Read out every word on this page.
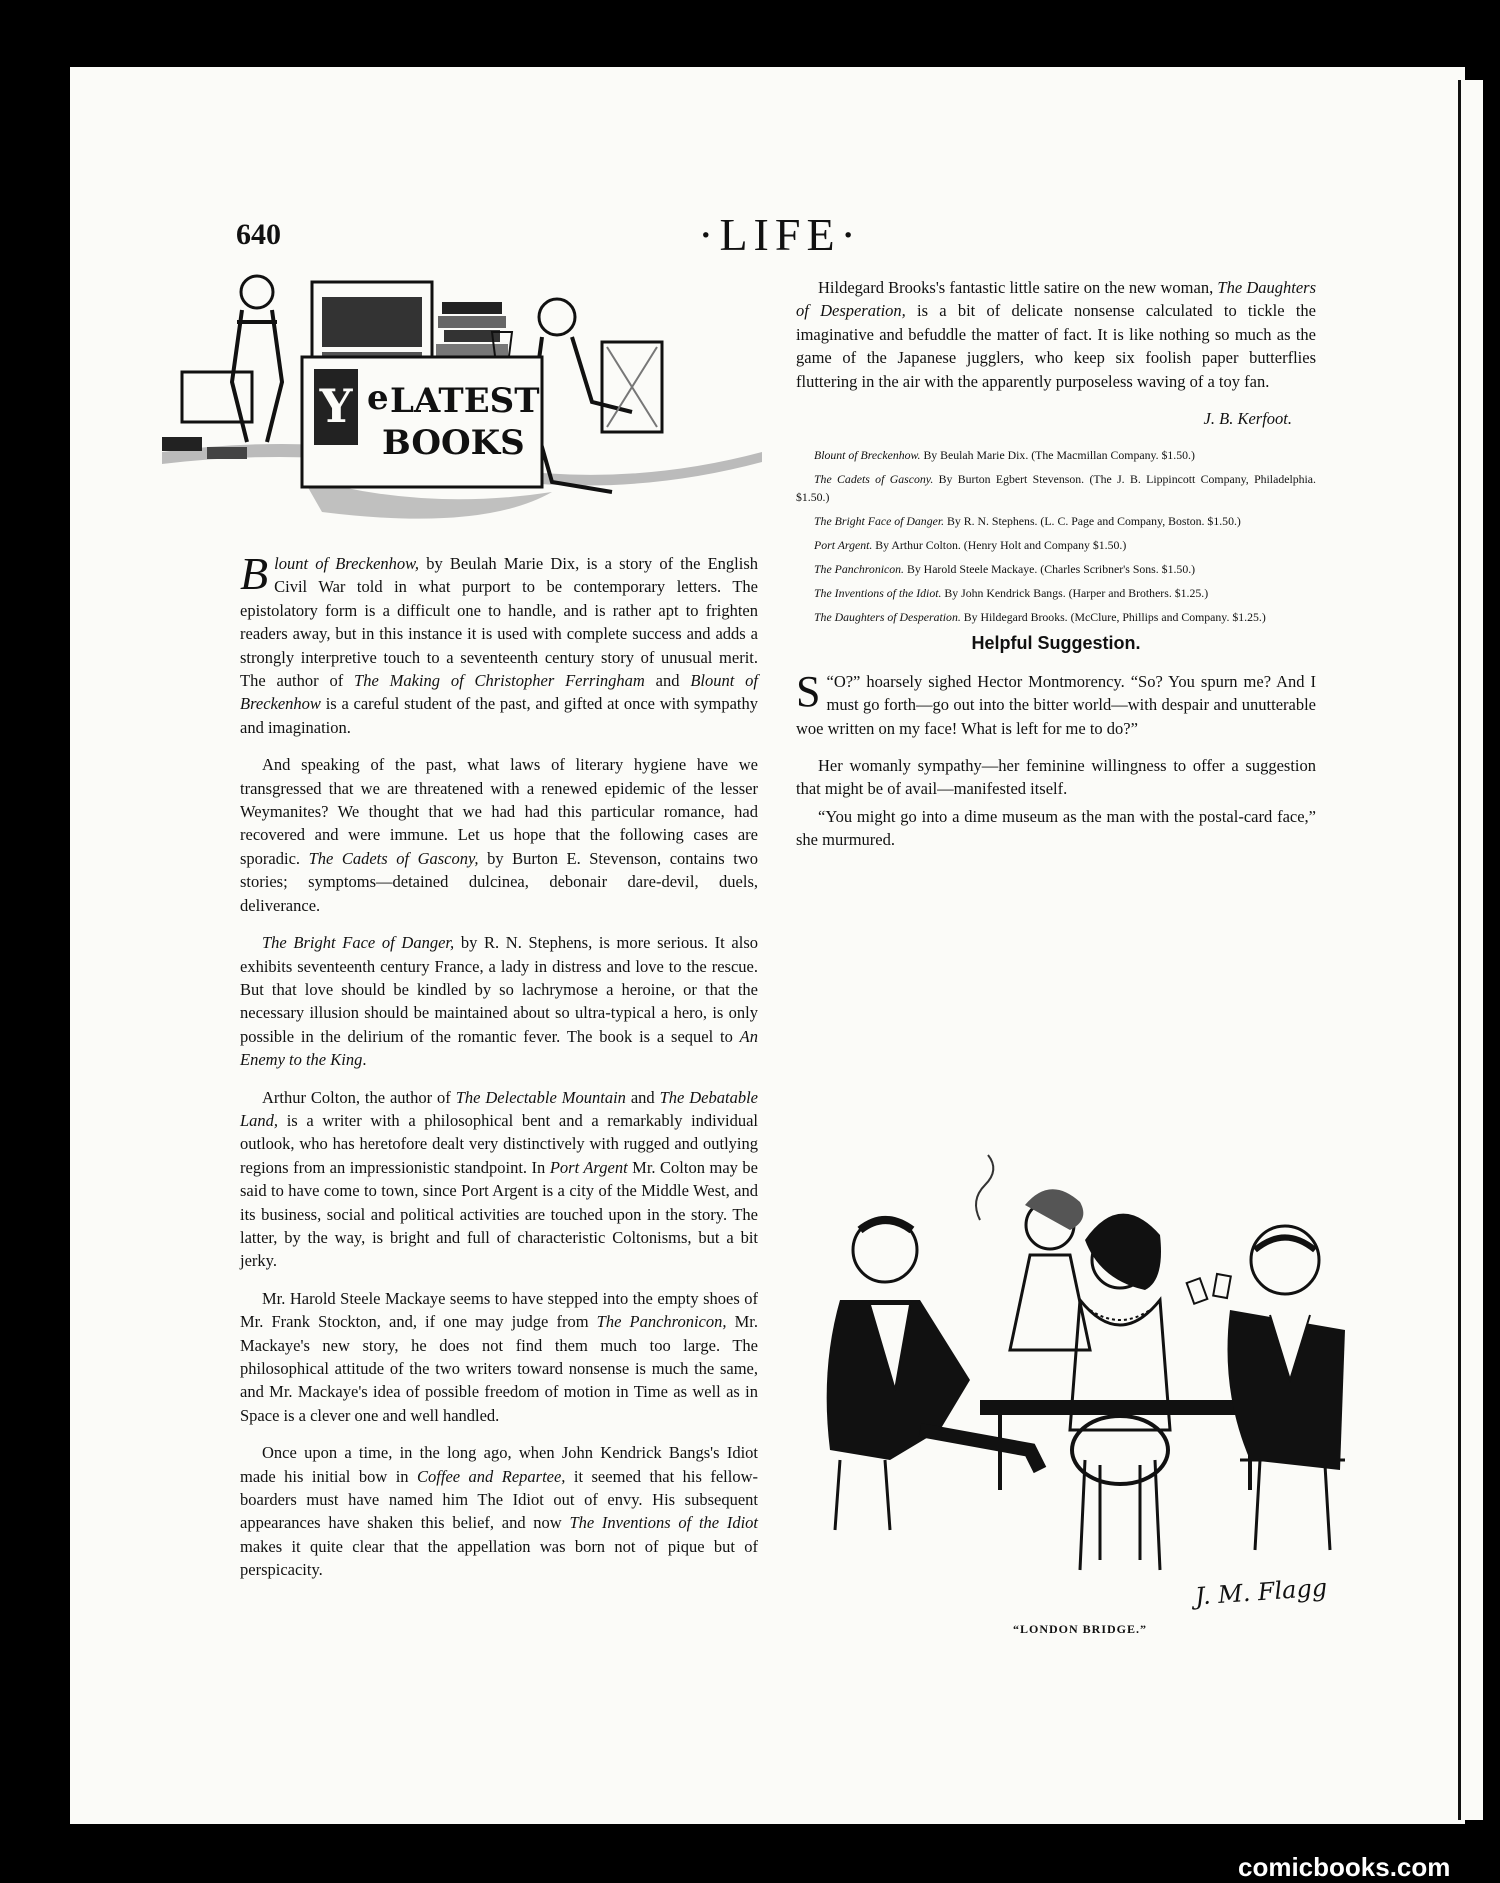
640	·LIFE·
Y e LATEST
BOOKS

Blount of Breckenhow, by Beulah Marie Dix, is a story of the English Civil War told in what purport to be contemporary letters. The epistolatory form is a difficult one to handle, and is rather apt to frighten readers away, but in this instance it is used with complete success and adds a strongly interpretive touch to a seventeenth century story of unusual merit. The author of The Making of Christopher Ferringham and Blount of Breckenhow is a careful student of the past, and gifted at once with sympathy and imagination.

And speaking of the past, what laws of literary hygiene have we transgressed that we are threatened with a renewed epidemic of the lesser Weymanites? We thought that we had had this particular romance, had recovered and were immune. Let us hope that the following cases are sporadic. The Cadets of Gascony, by Burton E. Stevenson, contains two stories; symptoms—detained dulcinea, debonair dare-devil, duels, deliverance.

The Bright Face of Danger, by R. N. Stephens, is more serious. It also exhibits seventeenth century France, a lady in distress and love to the rescue. But that love should be kindled by so lachrymose a heroine, or that the necessary illusion should be maintained about so ultra-typical a hero, is only possible in the delirium of the romantic fever. The book is a sequel to An Enemy to the King.

Arthur Colton, the author of The Delectable Mountain and The Debatable Land, is a writer with a philosophical bent and a remarkably individual outlook, who has heretofore dealt very distinctively with rugged and outlying regions from an impressionistic standpoint. In Port Argent Mr. Colton may be said to have come to town, since Port Argent is a city of the Middle West, and its business, social and political activities are touched upon in the story. The latter, by the way, is bright and full of characteristic Coltonisms, but a bit jerky.

Mr. Harold Steele Mackaye seems to have stepped into the empty shoes of Mr. Frank Stockton, and, if one may judge from The Panchronicon, Mr. Mackaye's new story, he does not find them much too large. The philosophical attitude of the two writers toward nonsense is much the same, and Mr. Mackaye's idea of possible freedom of motion in Time as well as in Space is a clever one and well handled.

Once upon a time, in the long ago, when John Kendrick Bangs's Idiot made his initial bow in Coffee and Repartee, it seemed that his fellow-boarders must have named him The Idiot out of envy. His subsequent appearances have shaken this belief, and now The Inventions of the Idiot makes it quite clear that the appellation was born not of pique but of perspicacity.

Hildegard Brooks's fantastic little satire on the new woman, The Daughters of Desperation, is a bit of delicate nonsense calculated to tickle the imaginative and befuddle the matter of fact. It is like nothing so much as the game of the Japanese jugglers, who keep six foolish paper butterflies fluttering in the air with the apparently purposeless waving of a toy fan.

J. B. Kerfoot.
Blount of Breckenhow. By Beulah Marie Dix. (The Macmillan Company. $1.50.)
The Cadets of Gascony. By Burton Egbert Stevenson. (The J. B. Lippincott Company, Philadelphia. $1.50.)
The Bright Face of Danger. By R. N. Stephens. (L. C. Page and Company, Boston. $1.50.)
Port Argent. By Arthur Colton. (Henry Holt and Company $1.50.)
The Panchronicon. By Harold Steele Mackaye. (Charles Scribner's Sons. $1.50.)
The Inventions of the Idiot. By John Kendrick Bangs. (Harper and Brothers. $1.25.)
The Daughters of Desperation. By Hildegard Brooks. (McClure, Phillips and Company. $1.25.)

Helpful Suggestion.

“
S O?” hoarsely sighed Hector Montmorency. “So? You spurn me? And I must go forth—go out into the bitter world—with despair and unutterable woe written on my face! What is left for me to do?”

Her womanly sympathy—her feminine willingness to offer a suggestion that might be of avail—manifested itself.

“You might go into a dime museum as the man with the postal-card face,” she murmured.

J. M. Flagg
“LONDON BRIDGE.”
comicbooks.com
